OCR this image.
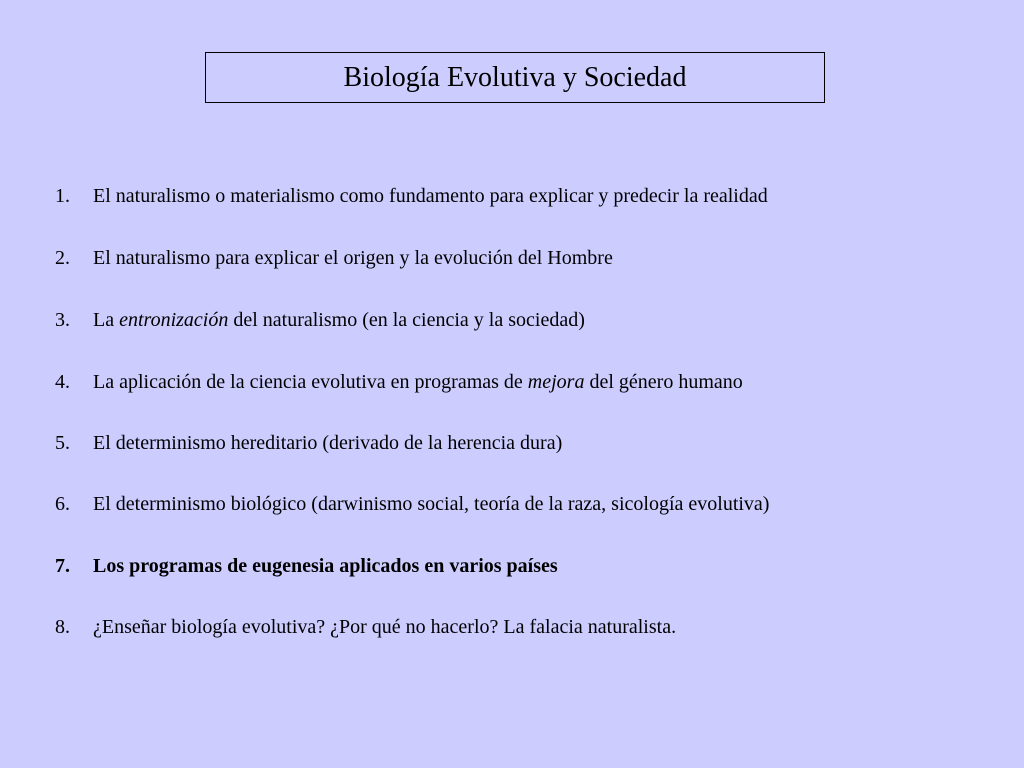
Biología Evolutiva y Sociedad
1. El naturalismo o materialismo como fundamento para explicar y predecir la realidad
2. El naturalismo para explicar el origen y la evolución del Hombre
3. La entronización del naturalismo (en la ciencia y la sociedad)
4. La aplicación de la ciencia evolutiva en programas de mejora del género humano
5. El determinismo hereditario (derivado de la herencia dura)
6. El determinismo biológico (darwinismo social, teoría de la raza, sicología evolutiva)
7. Los programas de eugenesia aplicados en varios países
8. ¿Enseñar biología evolutiva? ¿Por qué no hacerlo? La falacia naturalista.
